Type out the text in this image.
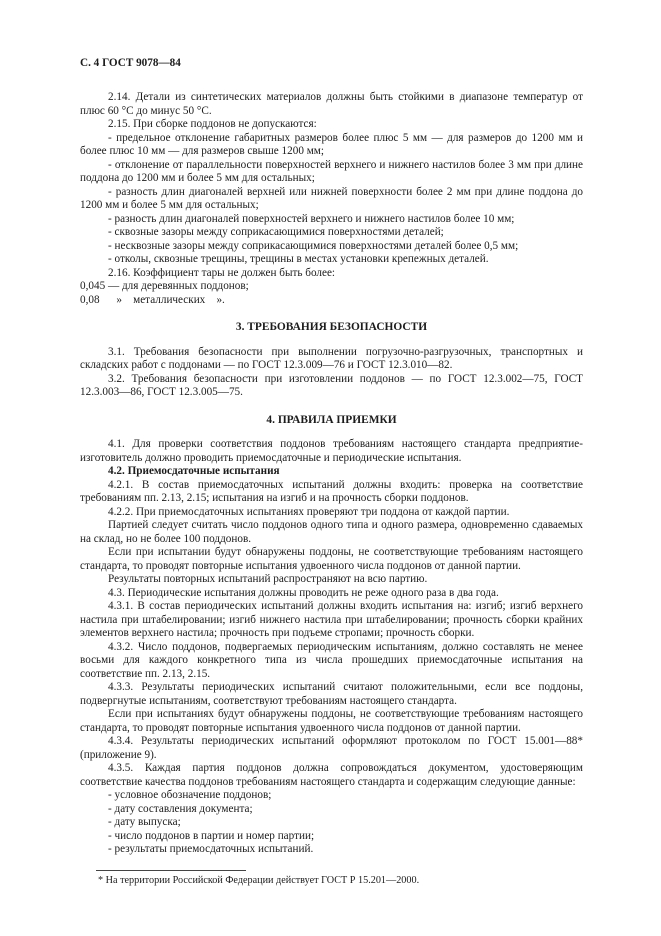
С. 4 ГОСТ 9078—84

2.14. Детали из синтетических материалов должны быть стойкими в диапазоне температур от плюс 60 °С до минус 50 °С.

2.15. При сборке поддонов не допускаются:

- предельное отклонение габаритных размеров более плюс 5 мм — для размеров до 1200 мм и более плюс 10 мм — для размеров свыше 1200 мм;

- отклонение от параллельности поверхностей верхнего и нижнего настилов более 3 мм при длине поддона до 1200 мм и более 5 мм для остальных;

- разность длин диагоналей верхней или нижней поверхности более 2 мм при длине поддона до 1200 мм и более 5 мм для остальных;

- разность длин диагоналей поверхностей верхнего и нижнего настилов более 10 мм;

- сквозные зазоры между соприкасающимися поверхностями деталей;

- несквозные зазоры между соприкасающимися поверхностями деталей более 0,5 мм;

- отколы, сквозные трещины, трещины в местах установки крепежных деталей.

2.16. Коэффициент тары не должен быть более:

0,045 — для деревянных поддонов;

0,08      »    металлических    ».

3. ТРЕБОВАНИЯ БЕЗОПАСНОСТИ

3.1. Требования безопасности при выполнении погрузочно-разгрузочных, транспортных и складских работ с поддонами — по ГОСТ 12.3.009—76 и ГОСТ 12.3.010—82.

3.2. Требования безопасности при изготовлении поддонов — по ГОСТ 12.3.002—75, ГОСТ 12.3.003—86, ГОСТ 12.3.005—75.

4. ПРАВИЛА ПРИЕМКИ

4.1. Для проверки соответствия поддонов требованиям настоящего стандарта предприятие-изготовитель должно проводить приемосдаточные и периодические испытания.

4.2. Приемосдаточные испытания

4.2.1. В состав приемосдаточных испытаний должны входить: проверка на соответствие требованиям пп. 2.13, 2.15; испытания на изгиб и на прочность сборки поддонов.

4.2.2. При приемосдаточных испытаниях проверяют три поддона от каждой партии.

Партией следует считать число поддонов одного типа и одного размера, одновременно сдаваемых на склад, но не более 100 поддонов.

Если при испытании будут обнаружены поддоны, не соответствующие требованиям настоящего стандарта, то проводят повторные испытания удвоенного числа поддонов от данной партии.

Результаты повторных испытаний распространяют на всю партию.

4.3. Периодические испытания должны проводить не реже одного раза в два года.

4.3.1. В состав периодических испытаний должны входить испытания на: изгиб; изгиб верхнего настила при штабелировании; изгиб нижнего настила при штабелировании; прочность сборки крайних элементов верхнего настила; прочность при подъеме стропами; прочность сборки.

4.3.2. Число поддонов, подвергаемых периодическим испытаниям, должно составлять не менее восьми для каждого конкретного типа из числа прошедших приемосдаточные испытания на соответствие пп. 2.13, 2.15.

4.3.3. Результаты периодических испытаний считают положительными, если все поддоны, подвергнутые испытаниям, соответствуют требованиям настоящего стандарта.

Если при испытаниях будут обнаружены поддоны, не соответствующие требованиям настоящего стандарта, то проводят повторные испытания удвоенного числа поддонов от данной партии.

4.3.4. Результаты периодических испытаний оформляют протоколом по ГОСТ 15.001—88* (приложение 9).

4.3.5. Каждая партия поддонов должна сопровождаться документом, удостоверяющим соответствие качества поддонов требованиям настоящего стандарта и содержащим следующие данные:

- условное обозначение поддонов;

- дату составления документа;

- дату выпуска;

- число поддонов в партии и номер партии;

- результаты приемосдаточных испытаний.

* На территории Российской Федерации действует ГОСТ Р 15.201—2000.
